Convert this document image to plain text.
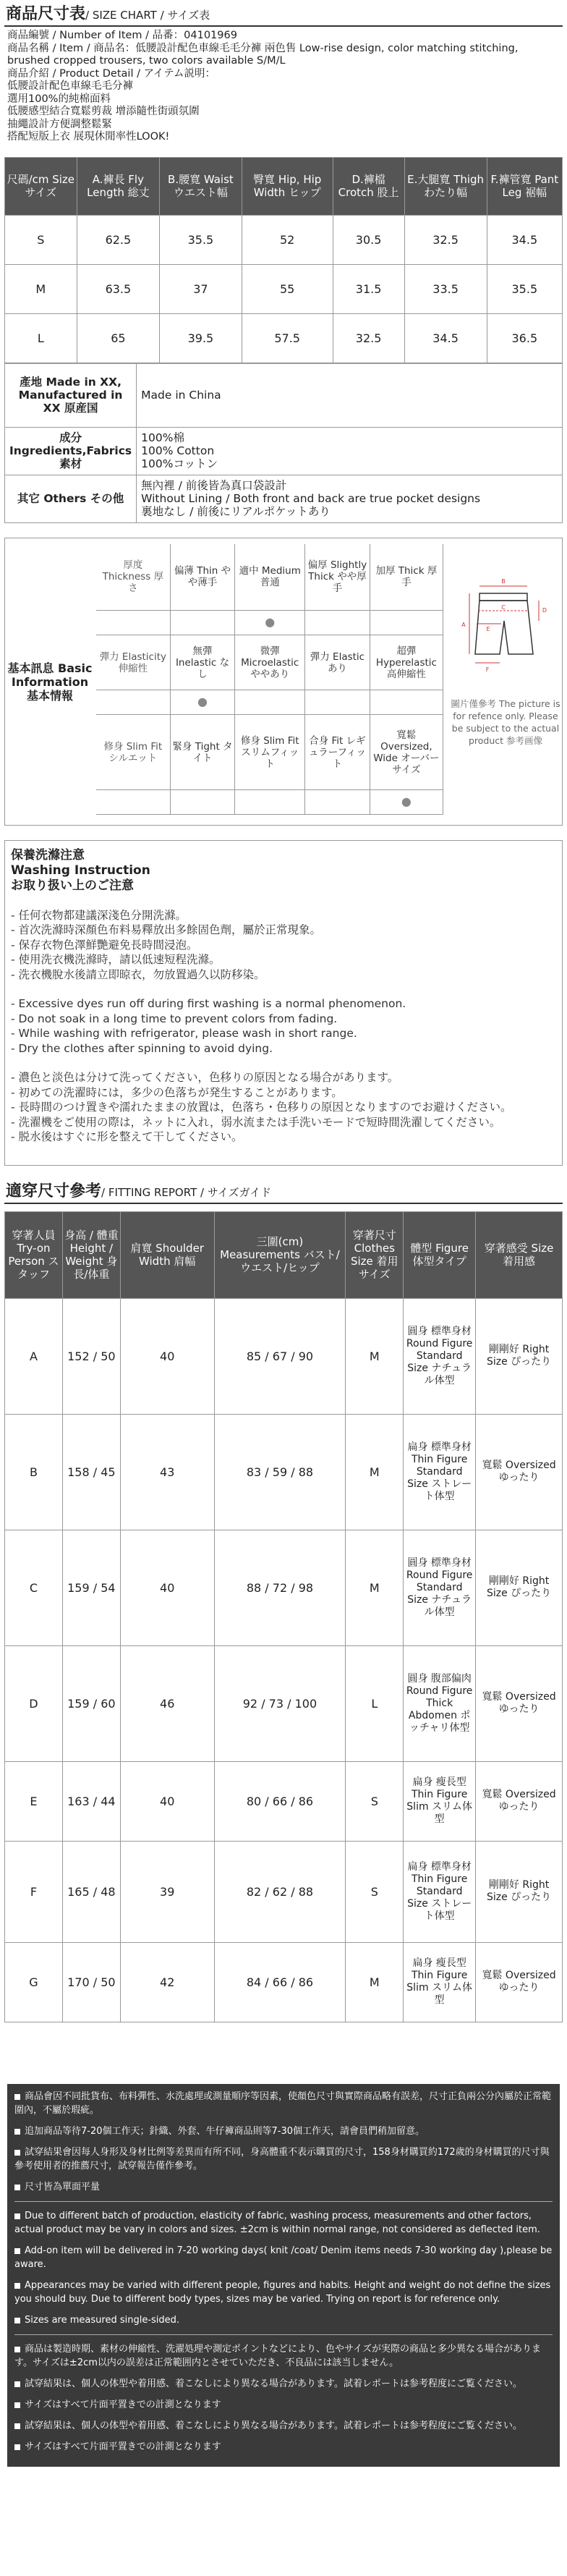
商品尺寸表/ SIZE CHART / サイズ表
商品編號 / Number of Item / 品番：04101969
商品名稱 / Item / 商品名：低腰設計配色車線毛毛分褲 兩色售 Low-rise design, color matching stitching, brushed cropped trousers, two colors available S/M/L
商品介紹 / Product Detail / アイテム説明：
低腰設計配色車線毛毛分褲
選用100%的純棉面料
低腰感型結合寬鬆剪裁 增添隨性街頭氛圍
抽繩設計方便調整鬆緊
搭配短版上衣 展現休閒率性LOOK!
尺碼/cm Size サイズ	A.褲長 Fly Length 総丈	B.腰寬 Waist ウエスト幅	臀寬 Hip, Hip Width ヒップ	D.褲檔 Crotch 股上	E.大腿寬 Thigh わたり幅	F.褲管寬 Pant Leg 裾幅
S	62.5	35.5	52	30.5	32.5	34.5
M	63.5	37	55	31.5	33.5	35.5
L	65	39.5	57.5	32.5	34.5	36.5
產地 Made in XX, Manufactured in XX 原産国	Made in China
成分 Ingredients,Fabrics 素材	100%棉
100% Cotton
100%コットン

其它 Others その他	無內裡 / 前後皆為真口袋設計
Without Lining / Both front and back are true pocket designs
裏地なし / 前後にリアルポケットあり
基本訊息 Basic Information 基本情報
厚度 Thickness 厚さ	偏薄 Thin やや薄手	適中 Medium 普通	偏厚 Slightly Thick やや厚手	加厚 Thick 厚手
		●		
彈力 Elasticity 伸縮性	無彈 Inelastic なし	微彈 Microelastic ややあり	彈力 Elastic あり	超彈 Hyperelastic 高伸縮性
	●			
修身 Slim Fit シルエット	緊身 Tight タイト	修身 Slim Fit スリムフィット	合身 Fit レギュラーフィット	寬鬆 Oversized, Wide オーバーサイズ
				●
B
A
C	D
E
F
圖片僅參考 The picture is for refence only. Please be subject to the actual product 参考画像
保養洗滌注意
Washing Instruction
お取り扱い上のご注意

- 任何衣物都建議深淺色分開洗滌。

- 首次洗滌時深顏色布料易釋放出多餘固色劑，屬於正常現象。

- 保存衣物色澤鮮艷避免長時間浸泡。

- 使用洗衣機洗滌時，請以低速短程洗滌。

- 洗衣機脫水後請立即晾衣，勿放置過久以防移染。

- Excessive dyes run off during first washing is a normal phenomenon.

- Do not soak in a long time to prevent colors from fading.

- While washing with refrigerator, please wash in short range.

- Dry the clothes after spinning to avoid dying.

- 濃色と淡色は分けて洗ってください，色移りの原因となる場合があります。

- 初めての洗濯時には，多少の色落ちが発生することがあります。

- 長時間のつけ置きや濡れたままの放置は，色落ち・色移りの原因となりますのでお避けください。

- 洗濯機をご使用の際は，ネットに入れ，弱水流または手洗いモードで短時間洗濯してください。

- 脱水後はすぐに形を整えて干してください。

適穿尺寸參考/ FITTING REPORT / サイズガイド
穿著人員 Try-on Person スタッフ	身高 / 體重 Height / Weight 身長/体重	肩寬 Shoulder Width 肩幅	三圍(cm) Measurements バスト/ウエスト/ヒップ	穿著尺寸 Clothes Size 着用サイズ	體型 Figure 体型タイプ	穿著感受 Size 着用感
A	152 / 50	40	85 / 67 / 90	M	圓身 標準身材 Round Figure Standard Size ナチュラル体型	剛剛好 Right Size ぴったり
B	158 / 45	43	83 / 59 / 88	M	扁身 標準身材 Thin Figure Standard Size ストレート体型	寬鬆 Oversized ゆったり
C	159 / 54	40	88 / 72 / 98	M	圓身 標準身材 Round Figure Standard Size ナチュラル体型	剛剛好 Right Size ぴったり
D	159 / 60	46	92 / 73 / 100	L	圓身 腹部偏肉 Round Figure Thick Abdomen ポッチャリ体型	寬鬆 Oversized ゆったり
E	163 / 44	40	80 / 66 / 86	S	扁身 瘦長型 Thin Figure Slim スリム体型	寬鬆 Oversized ゆったり
F	165 / 48	39	82 / 62 / 88	S	扁身 標準身材 Thin Figure Standard Size ストレート体型	剛剛好 Right Size ぴったり
G	170 / 50	42	84 / 66 / 86	M	扁身 瘦長型 Thin Figure Slim スリム体型	寬鬆 Oversized ゆったり

商品會因不同批貨布、布料彈性、水洗處理或測量順序等因素，使顏色尺寸與實際商品略有誤差，尺寸正負兩公分內屬於正常範圍內，不屬於瑕疵。

追加商品等待7-20個工作天；針織、外套、牛仔褲商品則等7-30個工作天，請會員們稍加留意。

試穿結果會因每人身形及身材比例等差異而有所不同，身高體重不表示購買的尺寸，158身材購買約172歲的身材購買的尺寸與參考使用者的推薦尺寸，試穿報告僅作參考。

尺寸皆為單面平量

Due to different batch of production, elasticity of fabric, washing process, measurements and other factors, actual product may be vary in colors and sizes. ±2cm is within normal range, not considered as deflected item.

Add-on item will be delivered in 7-20 working days( knit /coat/ Denim items needs 7-30 working day ),please be aware.

Appearances may be varied with different people, figures and habits. Height and weight do not define the sizes you should buy. Due to different body types, sizes may be varied. Trying on report is for reference only.

Sizes are measured single-sided.

商品は製造時期、素材の伸縮性、洗濯処理や測定ポイントなどにより、色やサイズが実際の商品と多少異なる場合があります。サイズは±2cm以内の誤差は正常範囲内とさせていただき、不良品には該当しません。

試穿結果は、個人の体型や着用感、着こなしにより異なる場合があります。試着レポートは参考程度にご覧ください。

サイズはすべて片面平置きでの計測となります

試穿結果は、個人の体型や着用感、着こなしにより異なる場合があります。試着レポートは参考程度にご覧ください。

サイズはすべて片面平置きでの計測となります
